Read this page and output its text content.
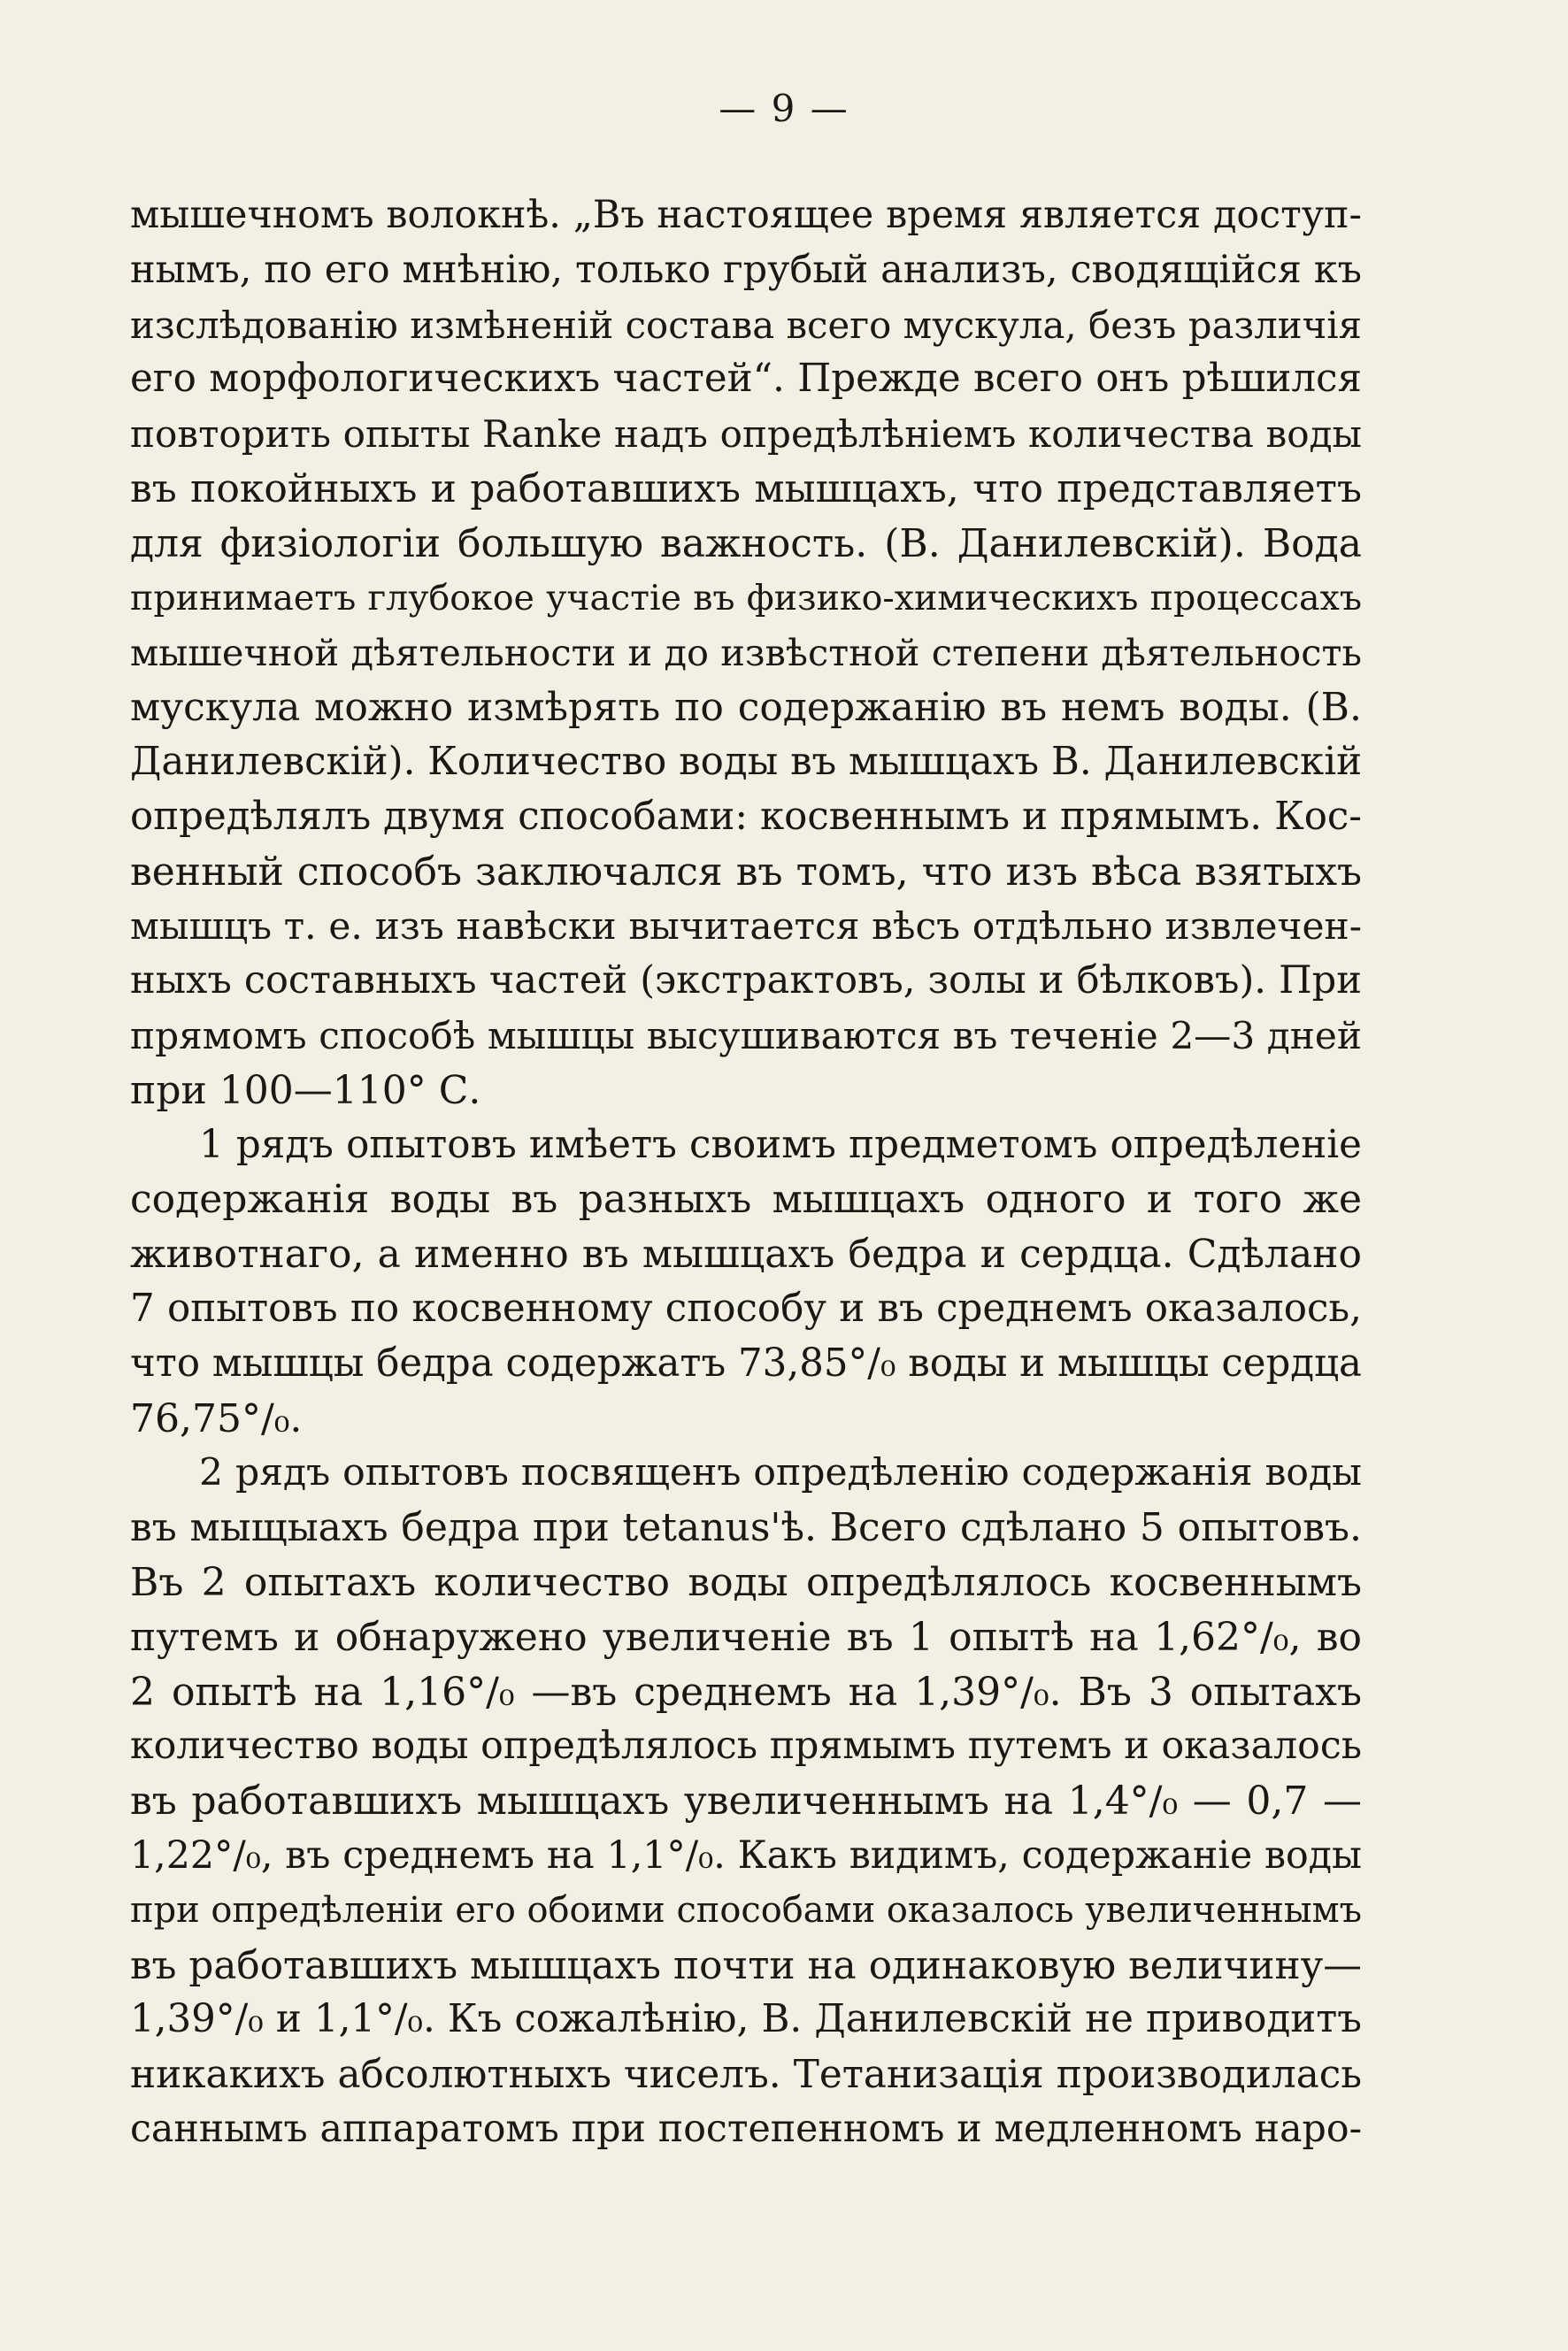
— 9 —
мышечномъ волокнѣ. „Въ настоящее время является доступ-
нымъ, по его мнѣнію, только грубый анализъ, сводящійся къ
изслѣдованію измѣненій состава всего мускула, безъ различія
его морфологическихъ частей“. Прежде всего онъ рѣшился
повторить опыты Ranke надъ опредѣлѣніемъ количества воды
въ покойныхъ и работавшихъ мышцахъ, что представляетъ
для физіологіи большую важность. (В. Данилевскій). Вода
принимаетъ глубокое участіе въ физико-химическихъ процессахъ
мышечной дѣятельности и до извѣстной степени дѣятельность
мускула можно измѣрять по содержанію въ немъ воды. (В.
Данилевскій). Количество воды въ мышцахъ В. Данилевскій
опредѣлялъ двумя способами: косвеннымъ и прямымъ. Кос-
венный способъ заключался въ томъ, что изъ вѣса взятыхъ
мышцъ т. е. изъ навѣски вычитается вѣсъ отдѣльно извлечен-
ныхъ составныхъ частей (экстрактовъ, золы и бѣлковъ). При
прямомъ способѣ мышцы высушиваются въ теченіе 2—3 дней
при 100—110° С.
1 рядъ опытовъ имѣетъ своимъ предметомъ опредѣленіе
содержанія воды въ разныхъ мышцахъ одного и того же
животнаго, а именно въ мышцахъ бедра и сердца. Сдѣлано
7 опытовъ по косвенному способу и въ среднемъ оказалось,
что мышцы бедра содержатъ 73,85°/₀ воды и мышцы сердца
76,75°/₀.
2 рядъ опытовъ посвященъ опредѣленію содержанія воды
въ мыщыахъ бедра при tetanus'ѣ. Всего сдѣлано 5 опытовъ.
Въ 2 опытахъ количество воды опредѣлялось косвеннымъ
путемъ и обнаружено увеличеніе въ 1 опытѣ на 1,62°/₀, во
2 опытѣ на 1,16°/₀ —въ среднемъ на 1,39°/₀. Въ 3 опытахъ
количество воды опредѣлялось прямымъ путемъ и оказалось
въ работавшихъ мышцахъ увеличеннымъ на 1,4°/₀ — 0,7 —
1,22°/₀, въ среднемъ на 1,1°/₀. Какъ видимъ, содержаніе воды
при опредѣленіи его обоими способами оказалось увеличеннымъ
въ работавшихъ мышцахъ почти на одинаковую величину—
1,39°/₀ и 1,1°/₀. Къ сожалѣнію, В. Данилевскій не приводитъ
никакихъ абсолютныхъ чиселъ. Тетанизація производилась
саннымъ аппаратомъ при постепенномъ и медленномъ наро-
